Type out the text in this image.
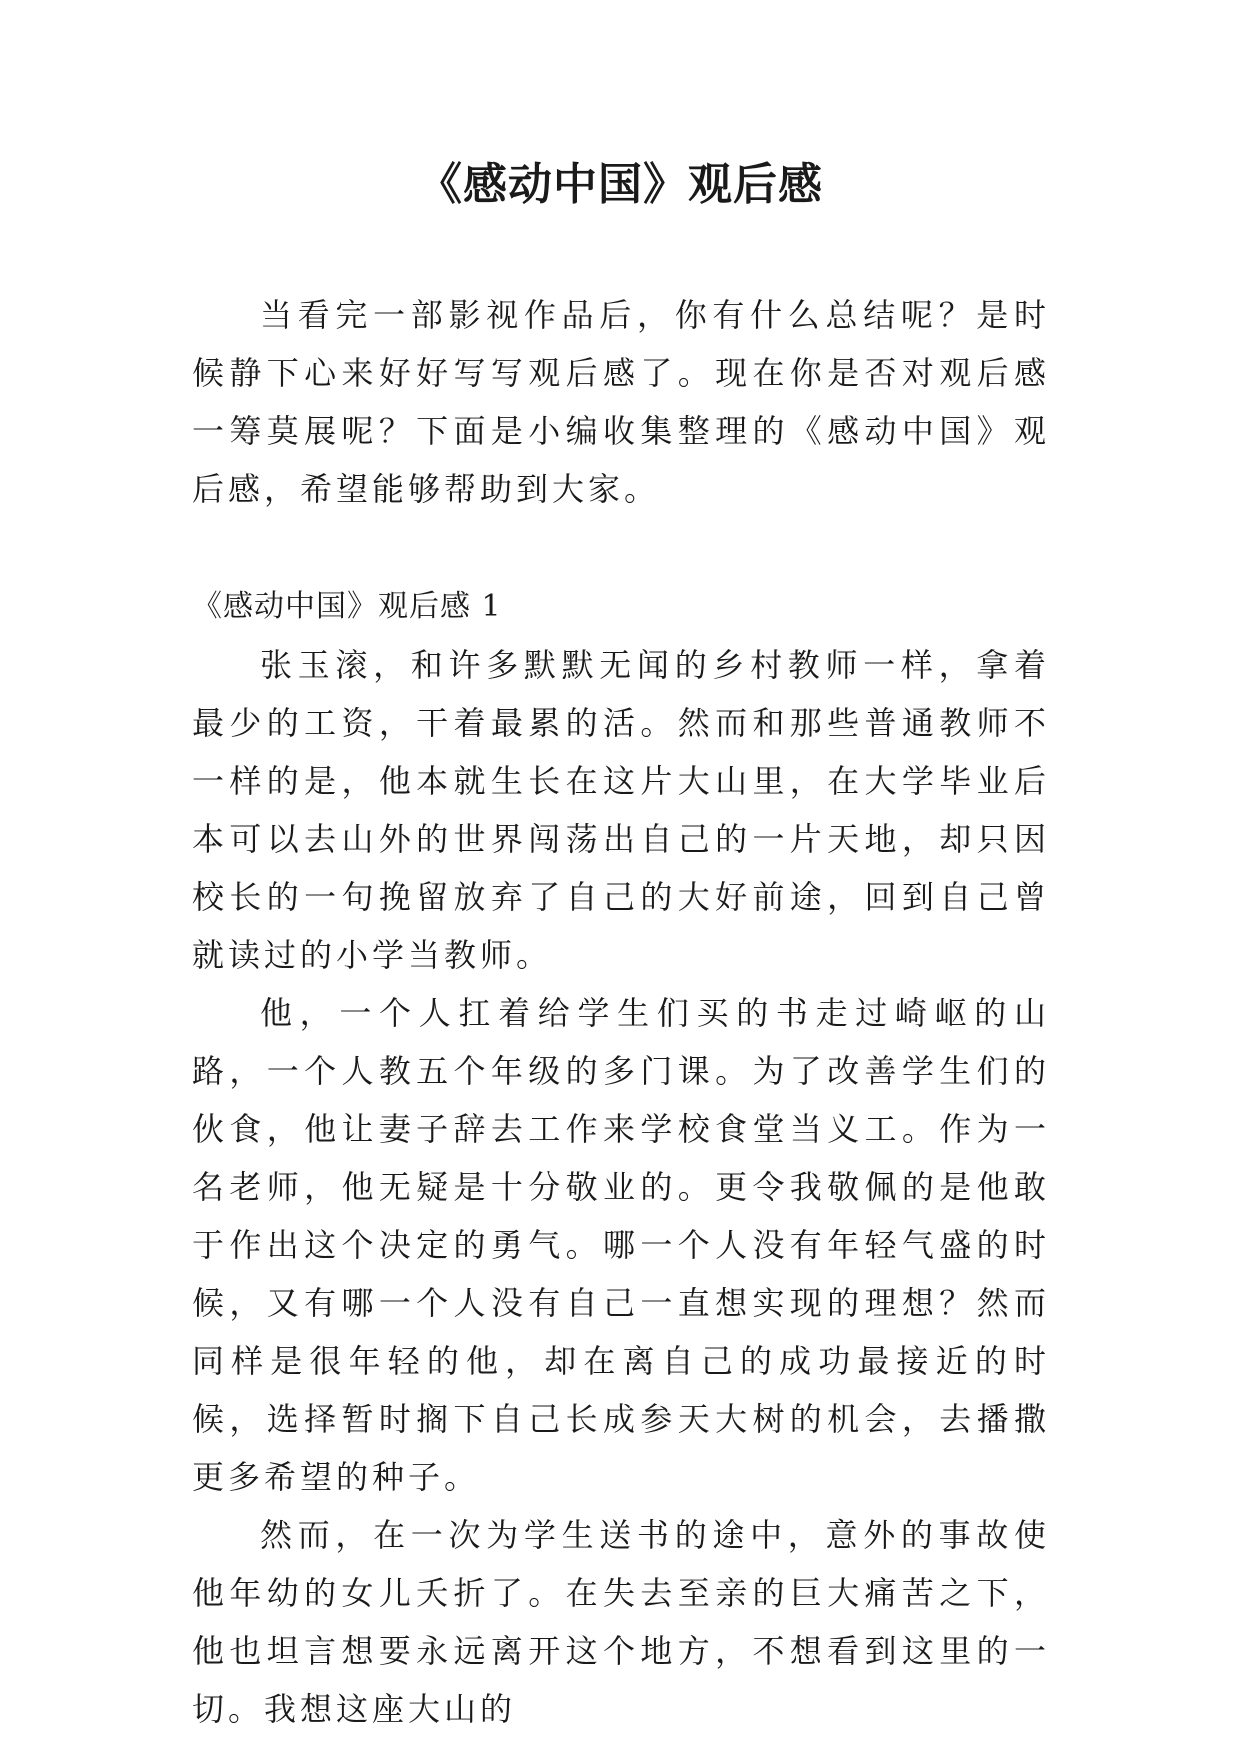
《感动中国》观后感

当看完一部影视作品后，你有什么总结呢？是时候静下心来好好写写观后感了。现在你是否对观后感一筹莫展呢？下面是小编收集整理的《感动中国》观后感，希望能够帮助到大家。

《感动中国》观后感 1

张玉滚，和许多默默无闻的乡村教师一样，拿着最少的工资，干着最累的活。然而和那些普通教师不一样的是，他本就生长在这片大山里，在大学毕业后本可以去山外的世界闯荡出自己的一片天地，却只因校长的一句挽留放弃了自己的大好前途，回到自己曾就读过的小学当教师。

他，一个人扛着给学生们买的书走过崎岖的山路，一个人教五个年级的多门课。为了改善学生们的伙食，他让妻子辞去工作来学校食堂当义工。作为一名老师，他无疑是十分敬业的。更令我敬佩的是他敢于作出这个决定的勇气。哪一个人没有年轻气盛的时候，又有哪一个人没有自己一直想实现的理想？然而同样是很年轻的他，却在离自己的成功最接近的时候，选择暂时搁下自己长成参天大树的机会，去播撒更多希望的种子。

然而，在一次为学生送书的途中，意外的事故使他年幼的女儿夭折了。在失去至亲的巨大痛苦之下，他也坦言想要永远离开这个地方，不想看到这里的一切。我想这座大山的
